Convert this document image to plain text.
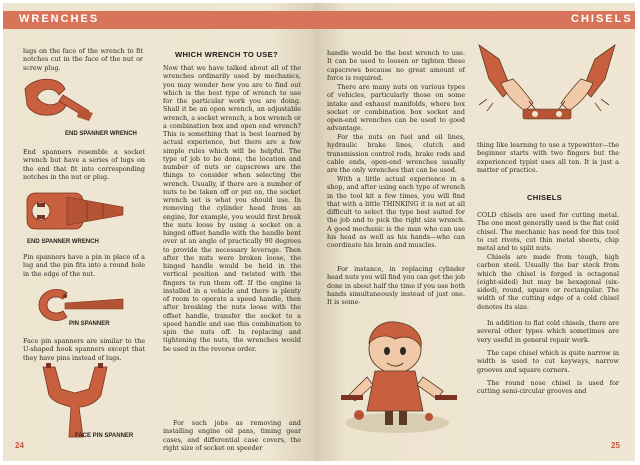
WRENCHES
lugs on the face of the wrench to fit notches cut in the face of the nut or screw plug.
END SPANNER WRENCH
End spanners resemble a socket wrench but have a series of lugs on the end that fit into corresponding notches in the nut or plug.
END SPANNER WRENCH
Pin spanners have a pin in place of a lug and the pin fits into a round hole in the edge of the nut.
PIN SPANNER
Face pin spanners are similar to the U-shaped hook spanners except that they have pins instead of lugs.
FACE PIN SPANNER
24
WHICH WRENCH TO USE?
Now that we have talked about all of the wrenches ordinarily used by mechanics, you may wonder how you are to find out which is the best type of wrench to use for the particular work you are doing. Shall it be an open wrench, an adjustable wrench, a socket wrench, a box wrench or a combination box and open end wrench? This is something that is best learned by actual experience, but there are a few simple rules which will be helpful. The type of job to be done, the location and number of nuts or capscrews are the things to consider when selecting the wrench. Usually, if there are a number of nuts to be taken off or put on, the socket wrench set is what you should use. In removing the cylinder head from an engine, for example, you would first break the nuts loose by using a socket on a hinged offset handle with the handle bent over at an angle of practically 90 degrees to provide the necessary leverage. Then after the nuts were broken loose, the hinged handle would be held in the vertical position and twisted with the fingers to run them off. If the engine is installed in a vehicle and there is plenty of room to operate a speed handle, then after breaking the nuts loose with the offset handle, transfer the socket to a speed handle and use this combination to spin the nuts off. In replacing and tightening the nuts, the wrenches would be used in the reverse order.
For such jobs as removing and installing engine oil pans, timing gear cases, and differential case covers, the right size of socket on speeder
CHISELS
handle would be the best wrench to use. It can be used to loosen or tighten these capscrews because no great amount of force is required.
There are many nuts on various types of vehicles, particularly those on some intake and exhaust manifolds, where box socket or combination box socket and open-end wrenches can be used to good advantage.
For the nuts on fuel and oil lines, hydraulic brake lines, clutch and transmission control rods, brake rods and cable ends, open-end wrenches usually are the only wrenches that can be used.
With a little actual experience in a shop, and after using each type of wrench in the tool kit a few times, you will find that with a little THINKING it is not at all difficult to select the type best suited for the job and to pick the right size wrench. A good mechanic is the man who can use his head as well as his hands—who can coordinate his brain and muscles.
For instance, in replacing cylinder head nuts you will find you can get the job done in about half the time if you use both hands simultaneously instead of just one. It is some-
thing like learning to use a typewriter—the beginner starts with two fingers but the experienced typist uses all ten. It is just a matter of practice.
CHISELS
COLD chisels are used for cutting metal. The one most generally used is the flat cold chisel. The mechanic has need for this tool to cut rivets, cut thin metal sheets, chip metal and to split nuts.
Chisels are made from tough, high carbon steel. Usually the bar stock from which the chisel is forged is octagonal (eight-sided) but may be hexagonal (six-sided), round, square or rectangular. The width of the cutting edge of a cold chisel denotes its size.
In addition to flat cold chisels, there are several other types which sometimes are very useful in general repair work.
The cape chisel which is quite narrow in width is used to cut keyways, narrow grooves and square corners.
The round nose chisel is used for cutting semi-circular grooves and
25
